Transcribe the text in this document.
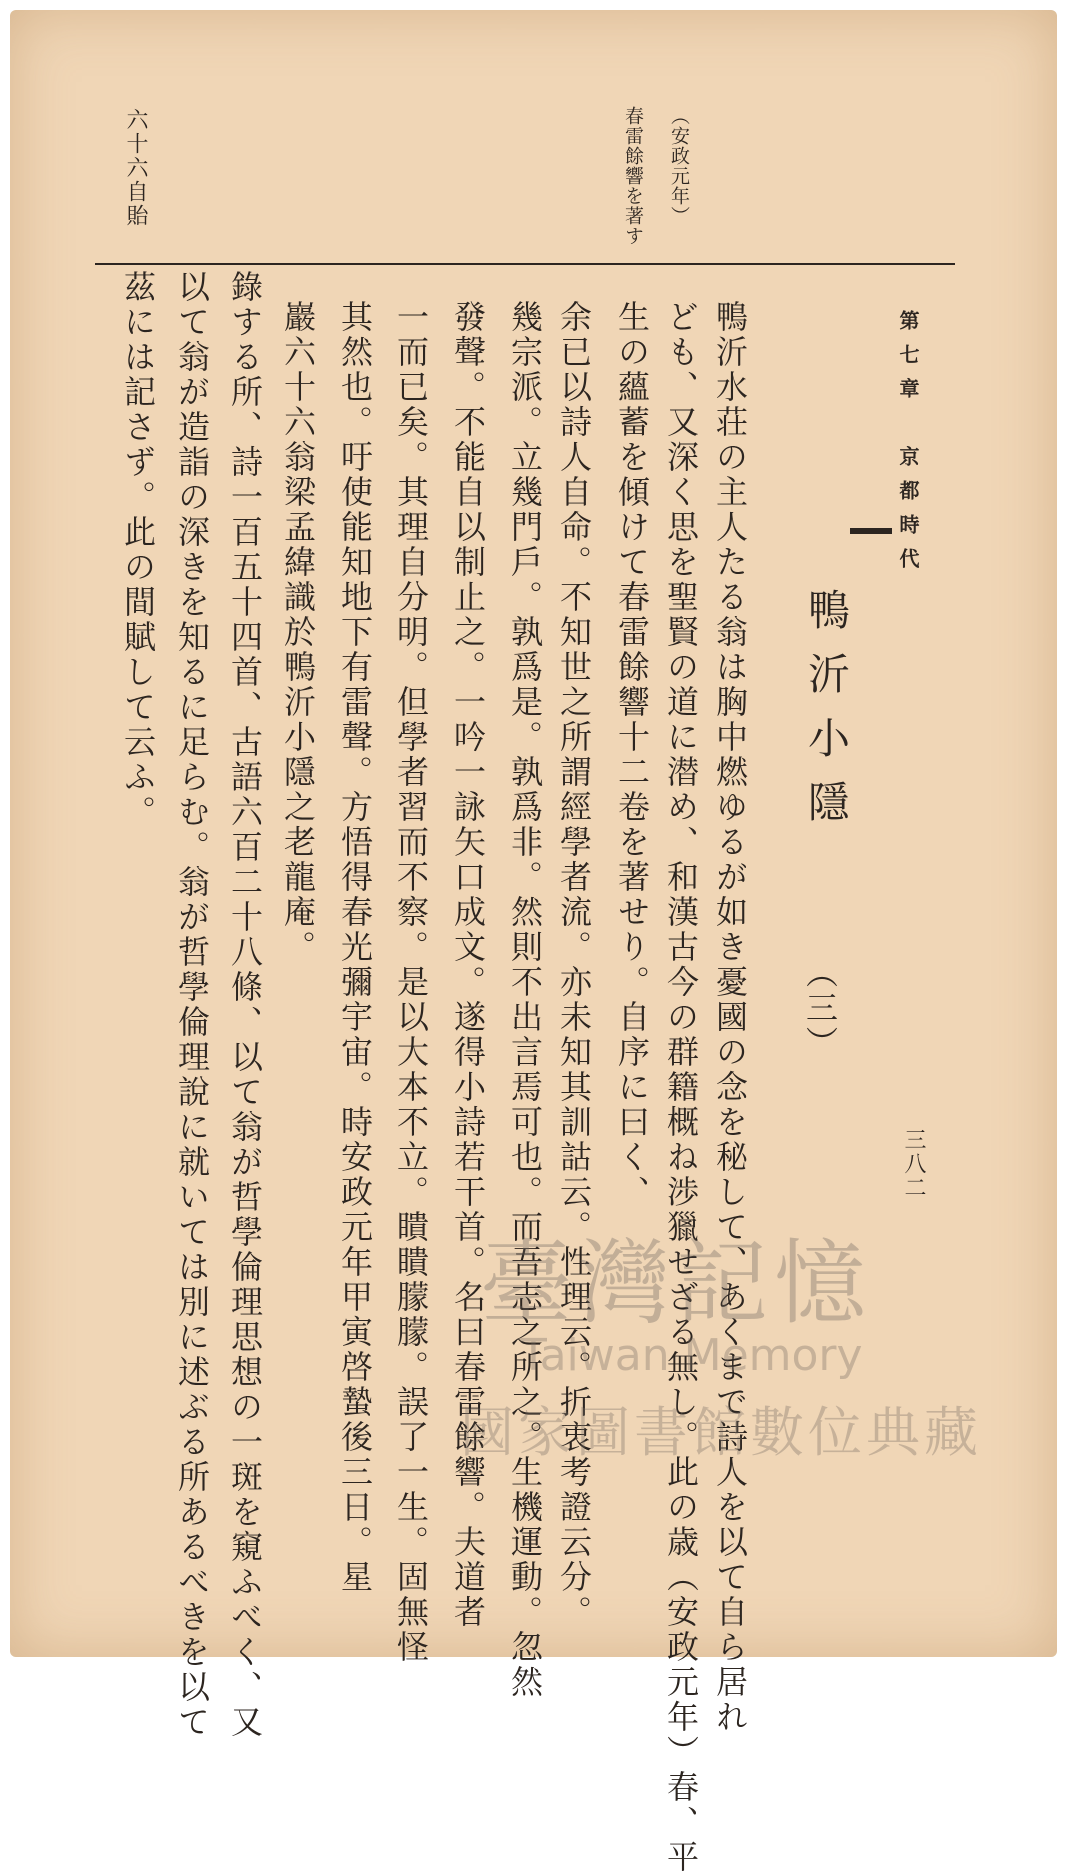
（安政元年）
春雷餘響を著す
六十六自貽
第七章　京都時代
三八二
鴨沂小隱
（三）
鴨沂水荘の主人たる翁は胸中燃ゆるが如き憂國の念を秘して、あくまで詩人を以て自ら居れ
ども、又深く思を聖賢の道に潜め、和漢古今の群籍概ね渉獵せざる無し。此の歳（安政元年）春、平
生の蘊蓄を傾けて春雷餘響十二卷を著せり。自序に曰く、
余已以詩人自命。不知世之所謂經學者流。亦未知其訓詁云。性理云。折衷考證云分。
幾宗派。立幾門戶。孰爲是。孰爲非。然則不出言焉可也。而吾志之所之。生機運動。忽然
發聲。不能自以制止之。一吟一詠矢口成文。遂得小詩若干首。名曰春雷餘響。夫道者
一而已矣。其理自分明。但學者習而不察。是以大本不立。瞶瞶朦朦。誤了一生。固無怪
其然也。吁使能知地下有雷聲。方悟得春光彌宇宙。時安政元年甲寅啓蟄後三日。星
巖六十六翁梁孟緯識於鴨沂小隱之老龍庵。
錄する所、詩一百五十四首、古語六百二十八條、以て翁が哲學倫理思想の一斑を窺ふべく、又
以て翁が造詣の深きを知るに足らむ。翁が哲學倫理說に就いては別に述ぶる所あるべきを以て
茲には記さず。此の間賦して云ふ。
臺灣記憶
Taiwan Memory
國家圖書館數位典藏
